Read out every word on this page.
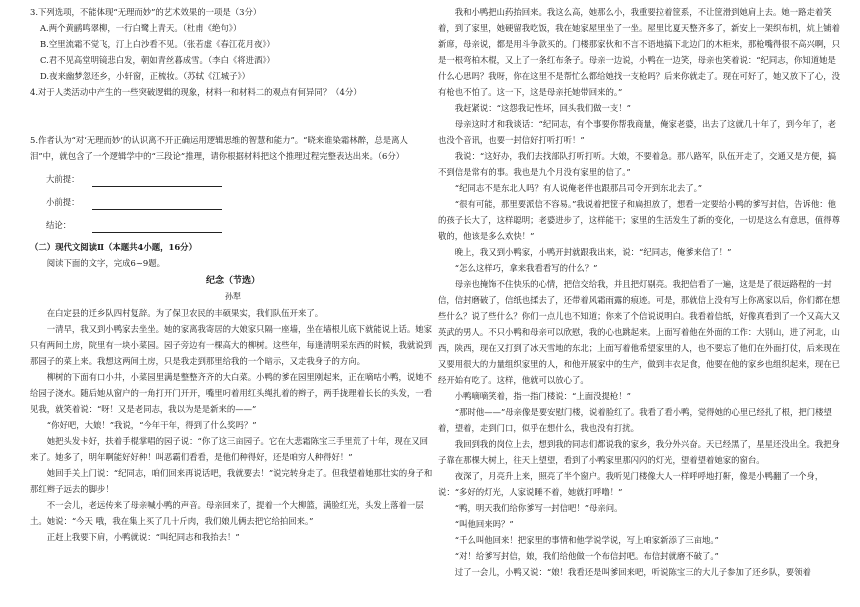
3.下列选项，不能体现“无理而妙”的艺术效果的一项是（3分）

A.两个黄鹂鸣翠柳，一行白鹭上青天。（杜甫《绝句》）

B.空里流霜不觉飞，汀上白沙看不见。（张若虚《春江花月夜》）

C.君不见高堂明镜悲白发，朝如青丝暮成雪。（李白《将进酒》）

D.夜来幽梦忽还乡，小轩窗，正梳妆。（苏轼《江城子》）

4.对于人类活动中产生的一些突破逻辑的现象，材料一和材料二的观点有何异同？（4分）

5.作者认为“对‘无理而妙’的认识离不开正确运用逻辑思维的智慧和能力”。“晓来谁染霜林醉，总是离人泪”中，就包含了一个逻辑学中的“三段论”推理，请你根据材料把这个推理过程完整表达出来。（6分）

大前提：
小前提：
结论：

（二）现代文阅读Ⅱ（本题共4小题，16分）

阅读下面的文字，完成6~9题。

纪念（节选）

孙犁

在白定县的迁乡队四村复辞。为了保卫农民的丰硕果实，我们队伍开来了。

一清早，我又到小鸭家去坐坐。她的家离我寄居的大娘家只隔一座墙，坐在墙根儿底下就能说上话。她家只有两间土房，院里有一块小菜园。园子旁边有一棵高大的柳树。这些年，每逢清明采东西的时候，我就说到那园子的菜上来。我想这两间土房，只是我走到那里给我的一个暗示，又走我身子的方向。

柳树的下面有口小井，小菜园里满是整整齐齐的大白菜。小鸭的爹在园里刚起来，正在嘀咕小鸭，说她不给园子浇水。随后她从窗户的一角打开门开开，嘴里叼着用红头绳扎着的辫子，两手拢理着长长的头发，一看见我，就笑着说：“呀！又是老同志，我以为是是新来的——”

“你好吧，大娘！”我说，“今年干年，得到了什么奖吗？”

她把头发卡好，扶着手棍掌唱的园子说：“你了这三亩园子。它在大悲霜陈宝三手里荒了十年，现在又回来了。她多了，明年啊能好好种！叫恶霸们看看，是他们种得好，还是咱穷人种得好！”

她回手关上门说：“纪同志，咱们回来再说话吧，我就要去！”说完转身走了。但我望着她那壮实的身子和那红辫子远去的脚步！

不一会儿，老远传来了母亲喊小鸭的声音。母亲回来了，提着一个大柳篮，满脸红光，头发上落着一层土。她说：“今天 哦，我在集上买了几十斤肉，我们娘儿俩去把它给拍回来。”

正赶上我要下肩，小鸭就说：“叫纪同志和我抬去！”

我和小鸭把山药抬回来。我这么高，她那么小，我重要拉着筐系，不让筐滑到她肩上去。她一路走着笑着，到了家里，她硬留我吃饭，我在她家屋里坐了一坐。屋里比夏天整齐多了，新安上一架织布机，炕上铺着新席，母亲说，都是用斗争款买的。门楼那家伙和不言不语地搞下北边门的木柜来，那枪嘴得很不高兴啊，只是一根弯柏木棍，又上了一条红布条子。母亲一边说，小鸭在一边笑，母亲也笑着说：“纪同志，你知道她是什么心思吗？我呀，你在这里不是帮忙么都给她找一支枪吗？后来你就走了。现在可好了，她又放下了心，没有枪也不怕了。这一下，这是母亲托她带回来的。”

我赶紧说：“这怨我记性坏，回头我们做一支！”

母亲这时才和我谈话：“纪同志，有个事要你帮我商量，俺家老婆，出去了这就几十年了，到今年了，老也没个音讯，也要一封信好打听打听！”

我说：“这好办，我们去找部队打听打听。大娘，不要着急。那八路军，队伍开走了，交通又是方便，搞不到信是常有的事。我也是九个月没有家里的信了。”

“纪同志不是东北人吗？有人说俺老伴也跟那吕司令开到东北去了。”

“很有可能，那里要派信不容易。”我说着把筐子和扁担放了，想看一定要给小鸭的爹写封信，告诉他：他的孩子长大了，这样聪明；老婆进步了，这样能干；家里的生活发生了新的变化，一切是这么有意思，值得尊敬的，他该是多么欢快！”

晚上，我又到小鸭家，小鸭开封就跟我出来，说：“纪同志，俺爹来信了！”

“怎么这样巧，拿来我看看写的什么？”

母亲也掩饰不住快乐的心情，把信交给我，并且把灯剔亮。我把信看了一遍，这是是了很远路程的一封信，信封磨破了，信纸也揉去了，还带着风霜雨露的痕迹。可是，那就信上没有写上你离家以后，你们都在想些什么？说了些什么？你们一点儿也不知道；你来了个信说说明白。我看着信纸，好像真看到了一个又高大又英武的男人。不只小鸭和母亲可以欣慰，我的心也跳起来。上面写着他在外面的工作：大别山，进了河北，山西，陕西，现在又打到了冰天雪地的东北；上面写着他希望家里的人，也不要忘了他们在外面打仗，后来现在又要用很大的力量组织家里的人，和他开展家中的生产，做到丰衣足食，他要在他的家乡也组织起来，现在已经开始有吃了。这样，他就可以放心了。

小鸭嘀嘀笑着，指一指门楼说：“上面没提枪！”

“那时他——”母亲像是要安慰门楼，说着脸红了。我看了看小鸭，觉得她的心里已经扎了根，把门楼望着，望着，走到门口，似乎在想什么，我也没有打扰。

我回到我的岗位上去，想到我的同志们都说我的家乡，我分外兴奋。天已经黑了，星星还没出全。我把身子靠在那棵大树上，往天上望望，看到了小鸭家里那闪闪的灯光，望着望着她家的窗台。

夜深了，月亮升上来，照亮了半个窗户。我听见门楼像大人一样呼呼地打鼾，像是小鸭翻了一个身，说：“多好的灯光，人家说睡不着，她就打呼噜！”

“鸭，明天我们给你爹写一封信吧！”母亲问。

“叫他回来吗？”

“千么叫他回来！把家里的事情和他学说学说，写上咱家新添了三亩地。”

“对！给爹写封信，娘，我们给他做一个布信封吧。布信封就磨不破了。”

过了一会儿，小鸭又说：“娘！我看还是叫爹回来吧，听说陈宝三的大儿子参加了还乡队，要领着
